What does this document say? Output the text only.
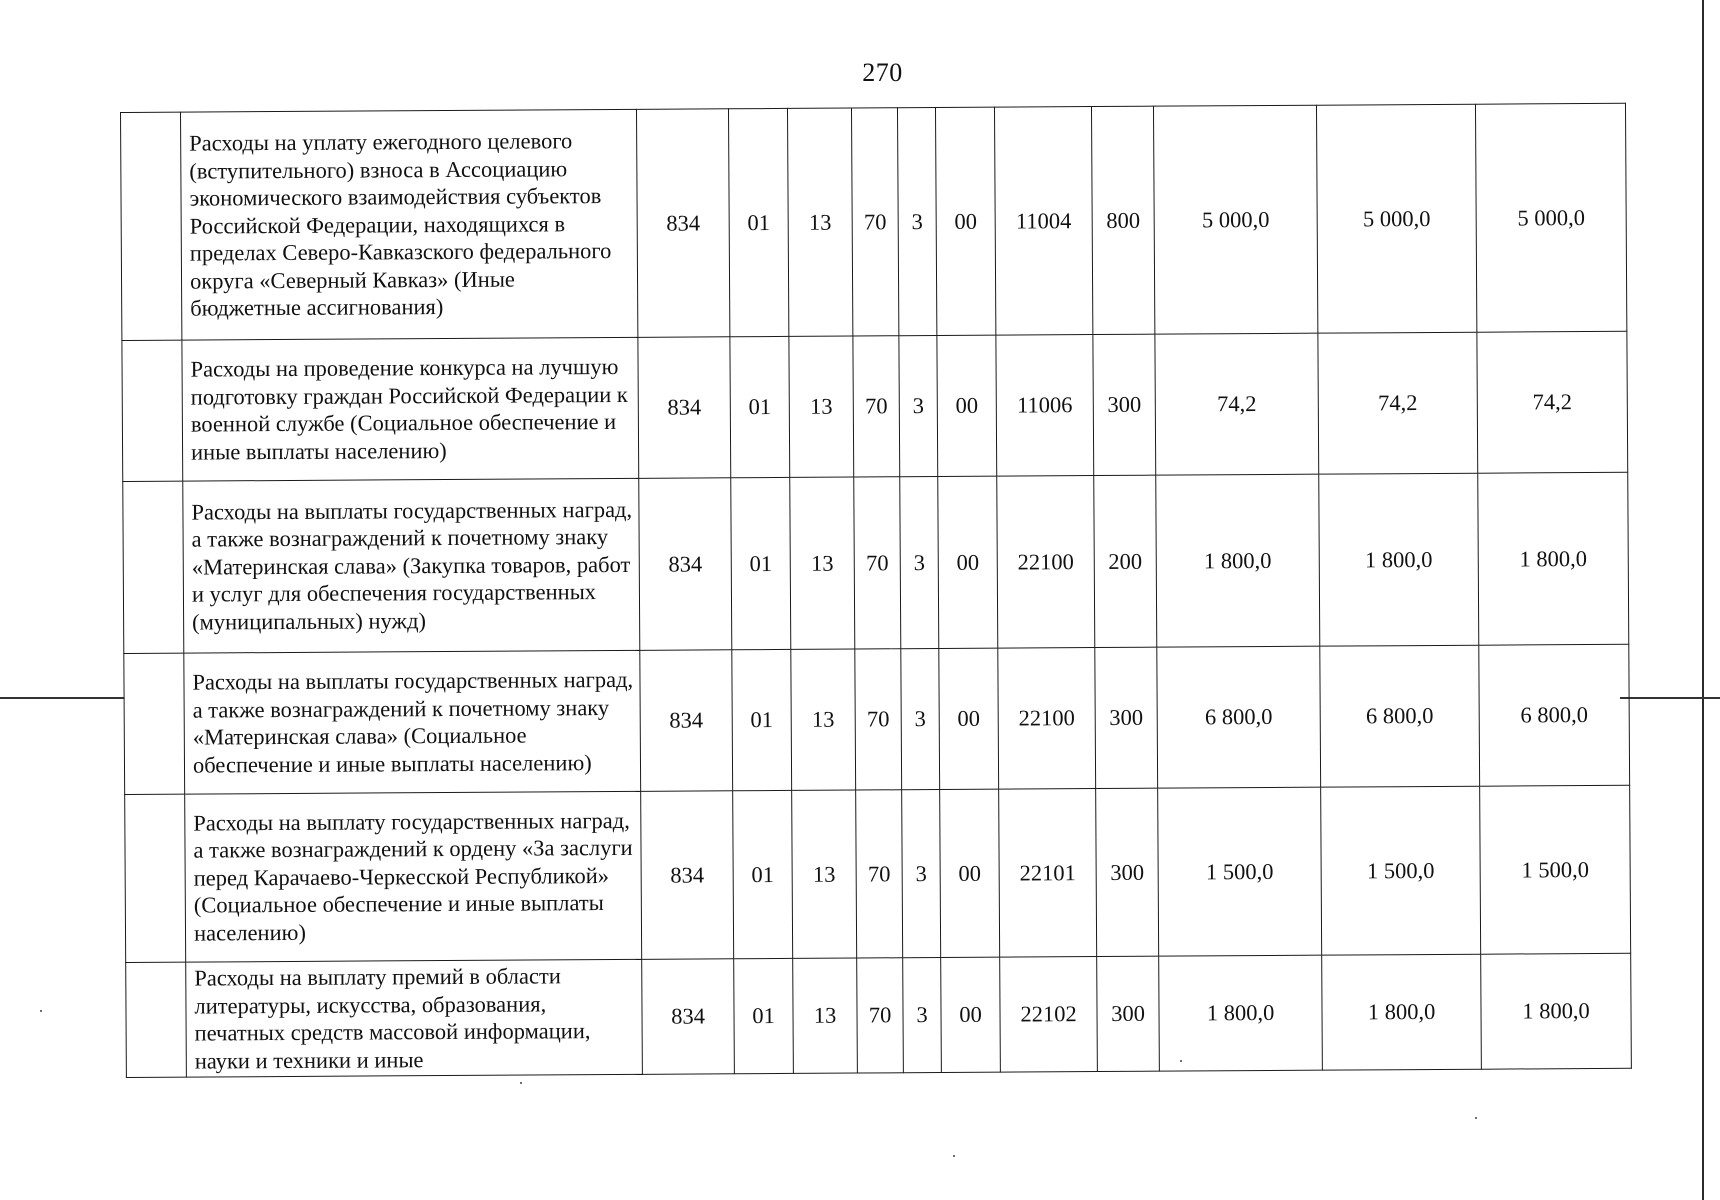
270
	Расходы на уплату ежегодного целевого (вступительного) взноса в Ассоциацию экономического взаимодействия субъектов Российской Федерации, находящихся в пределах Северо-Кавказского федерального округа «Северный Кавказ» (Иные бюджетные ассигнования)	834	01	13	70	3	00	11004	800	5 000,0	5 000,0	5 000,0
	Расходы на проведение конкурса на лучшую подготовку граждан Российской Федерации к военной службе (Социальное обеспечение и иные выплаты населению)	834	01	13	70	3	00	11006	300	74,2	74,2	74,2
	Расходы на выплаты государственных наград, а также вознаграждений к почетному знаку «Материнская слава» (Закупка товаров, работ и услуг для обеспечения государственных (муниципальных) нужд)	834	01	13	70	3	00	22100	200	1 800,0	1 800,0	1 800,0
	Расходы на выплаты государственных наград, а также вознаграждений к почетному знаку «Материнская слава» (Социальное обеспечение и иные выплаты населению)	834	01	13	70	3	00	22100	300	6 800,0	6 800,0	6 800,0
	Расходы на выплату государственных наград, а также вознаграждений к ордену «За заслуги перед Карачаево-Черкесской Республикой» (Социальное обеспечение и иные выплаты населению)	834	01	13	70	3	00	22101	300	1 500,0	1 500,0	1 500,0
	Расходы на выплату премий в области литературы, искусства, образования, печатных средств массовой информации, науки и техники и иные	834	01	13	70	3	00	22102	300	1 800,0	1 800,0	1 800,0
